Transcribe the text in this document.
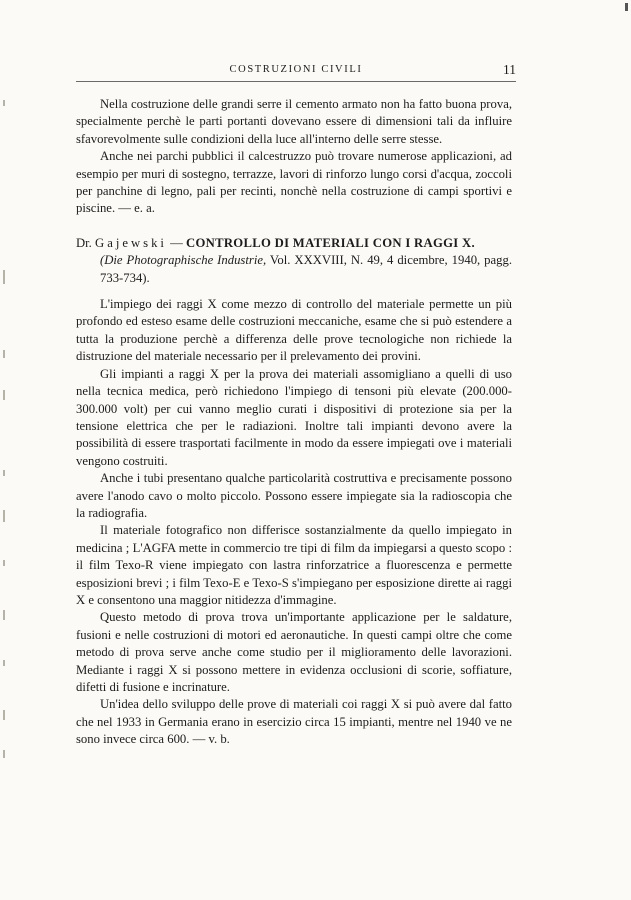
COSTRUZIONI CIVILI	11

Nella costruzione delle grandi serre il cemento armato non ha fatto buona prova, specialmente perchè le parti portanti dovevano essere di dimensioni tali da influire sfavorevolmente sulle condizioni della luce all'interno delle serre stesse.

Anche nei parchi pubblici il calcestruzzo può trovare numerose applicazioni, ad esempio per muri di sostegno, terrazze, lavori di rinforzo lungo corsi d'acqua, zoccoli per panchine di legno, pali per recinti, nonchè nella costruzione di campi sportivi e piscine. — e. a.

Dr. Gajewski — CONTROLLO DI MATERIALI CON I RAGGI X.

(Die Photographische Industrie, Vol. XXXVIII, N. 49, 4 dicembre, 1940, pagg. 733-734).

L'impiego dei raggi X come mezzo di controllo del materiale permette un più profondo ed esteso esame delle costruzioni meccaniche, esame che si può estendere a tutta la produzione perchè a differenza delle prove tecnologiche non richiede la distruzione del materiale necessario per il prelevamento dei provini.

Gli impianti a raggi X per la prova dei materiali assomigliano a quelli di uso nella tecnica medica, però richiedono l'impiego di tensoni più elevate (200.000-300.000 volt) per cui vanno meglio curati i dispositivi di protezione sia per la tensione elettrica che per le radiazioni. Inoltre tali impianti devono avere la possibilità di essere trasportati facilmente in modo da essere impiegati ove i materiali vengono costruiti.

Anche i tubi presentano qualche particolarità costruttiva e precisamente possono avere l'anodo cavo o molto piccolo. Possono essere impiegate sia la radioscopia che la radiografia.

Il materiale fotografico non differisce sostanzialmente da quello impiegato in medicina ; L'AGFA mette in commercio tre tipi di film da impiegarsi a questo scopo : il film Texo-R viene impiegato con lastra rinforzatrice a fluorescenza e permette esposizioni brevi ; i film Texo-E e Texo-S s'impiegano per esposizione dirette ai raggi X e consentono una maggior nitidezza d'immagine.

Questo metodo di prova trova un'importante applicazione per le saldature, fusioni e nelle costruzioni di motori ed aeronautiche. In questi campi oltre che come metodo di prova serve anche come studio per il miglioramento delle lavorazioni. Mediante i raggi X si possono mettere in evidenza occlusioni di scorie, soffiature, difetti di fusione e incrinature.

Un'idea dello sviluppo delle prove di materiali coi raggi X si può avere dal fatto che nel 1933 in Germania erano in esercizio circa 15 impianti, mentre nel 1940 ve ne sono invece circa 600. — v. b.
